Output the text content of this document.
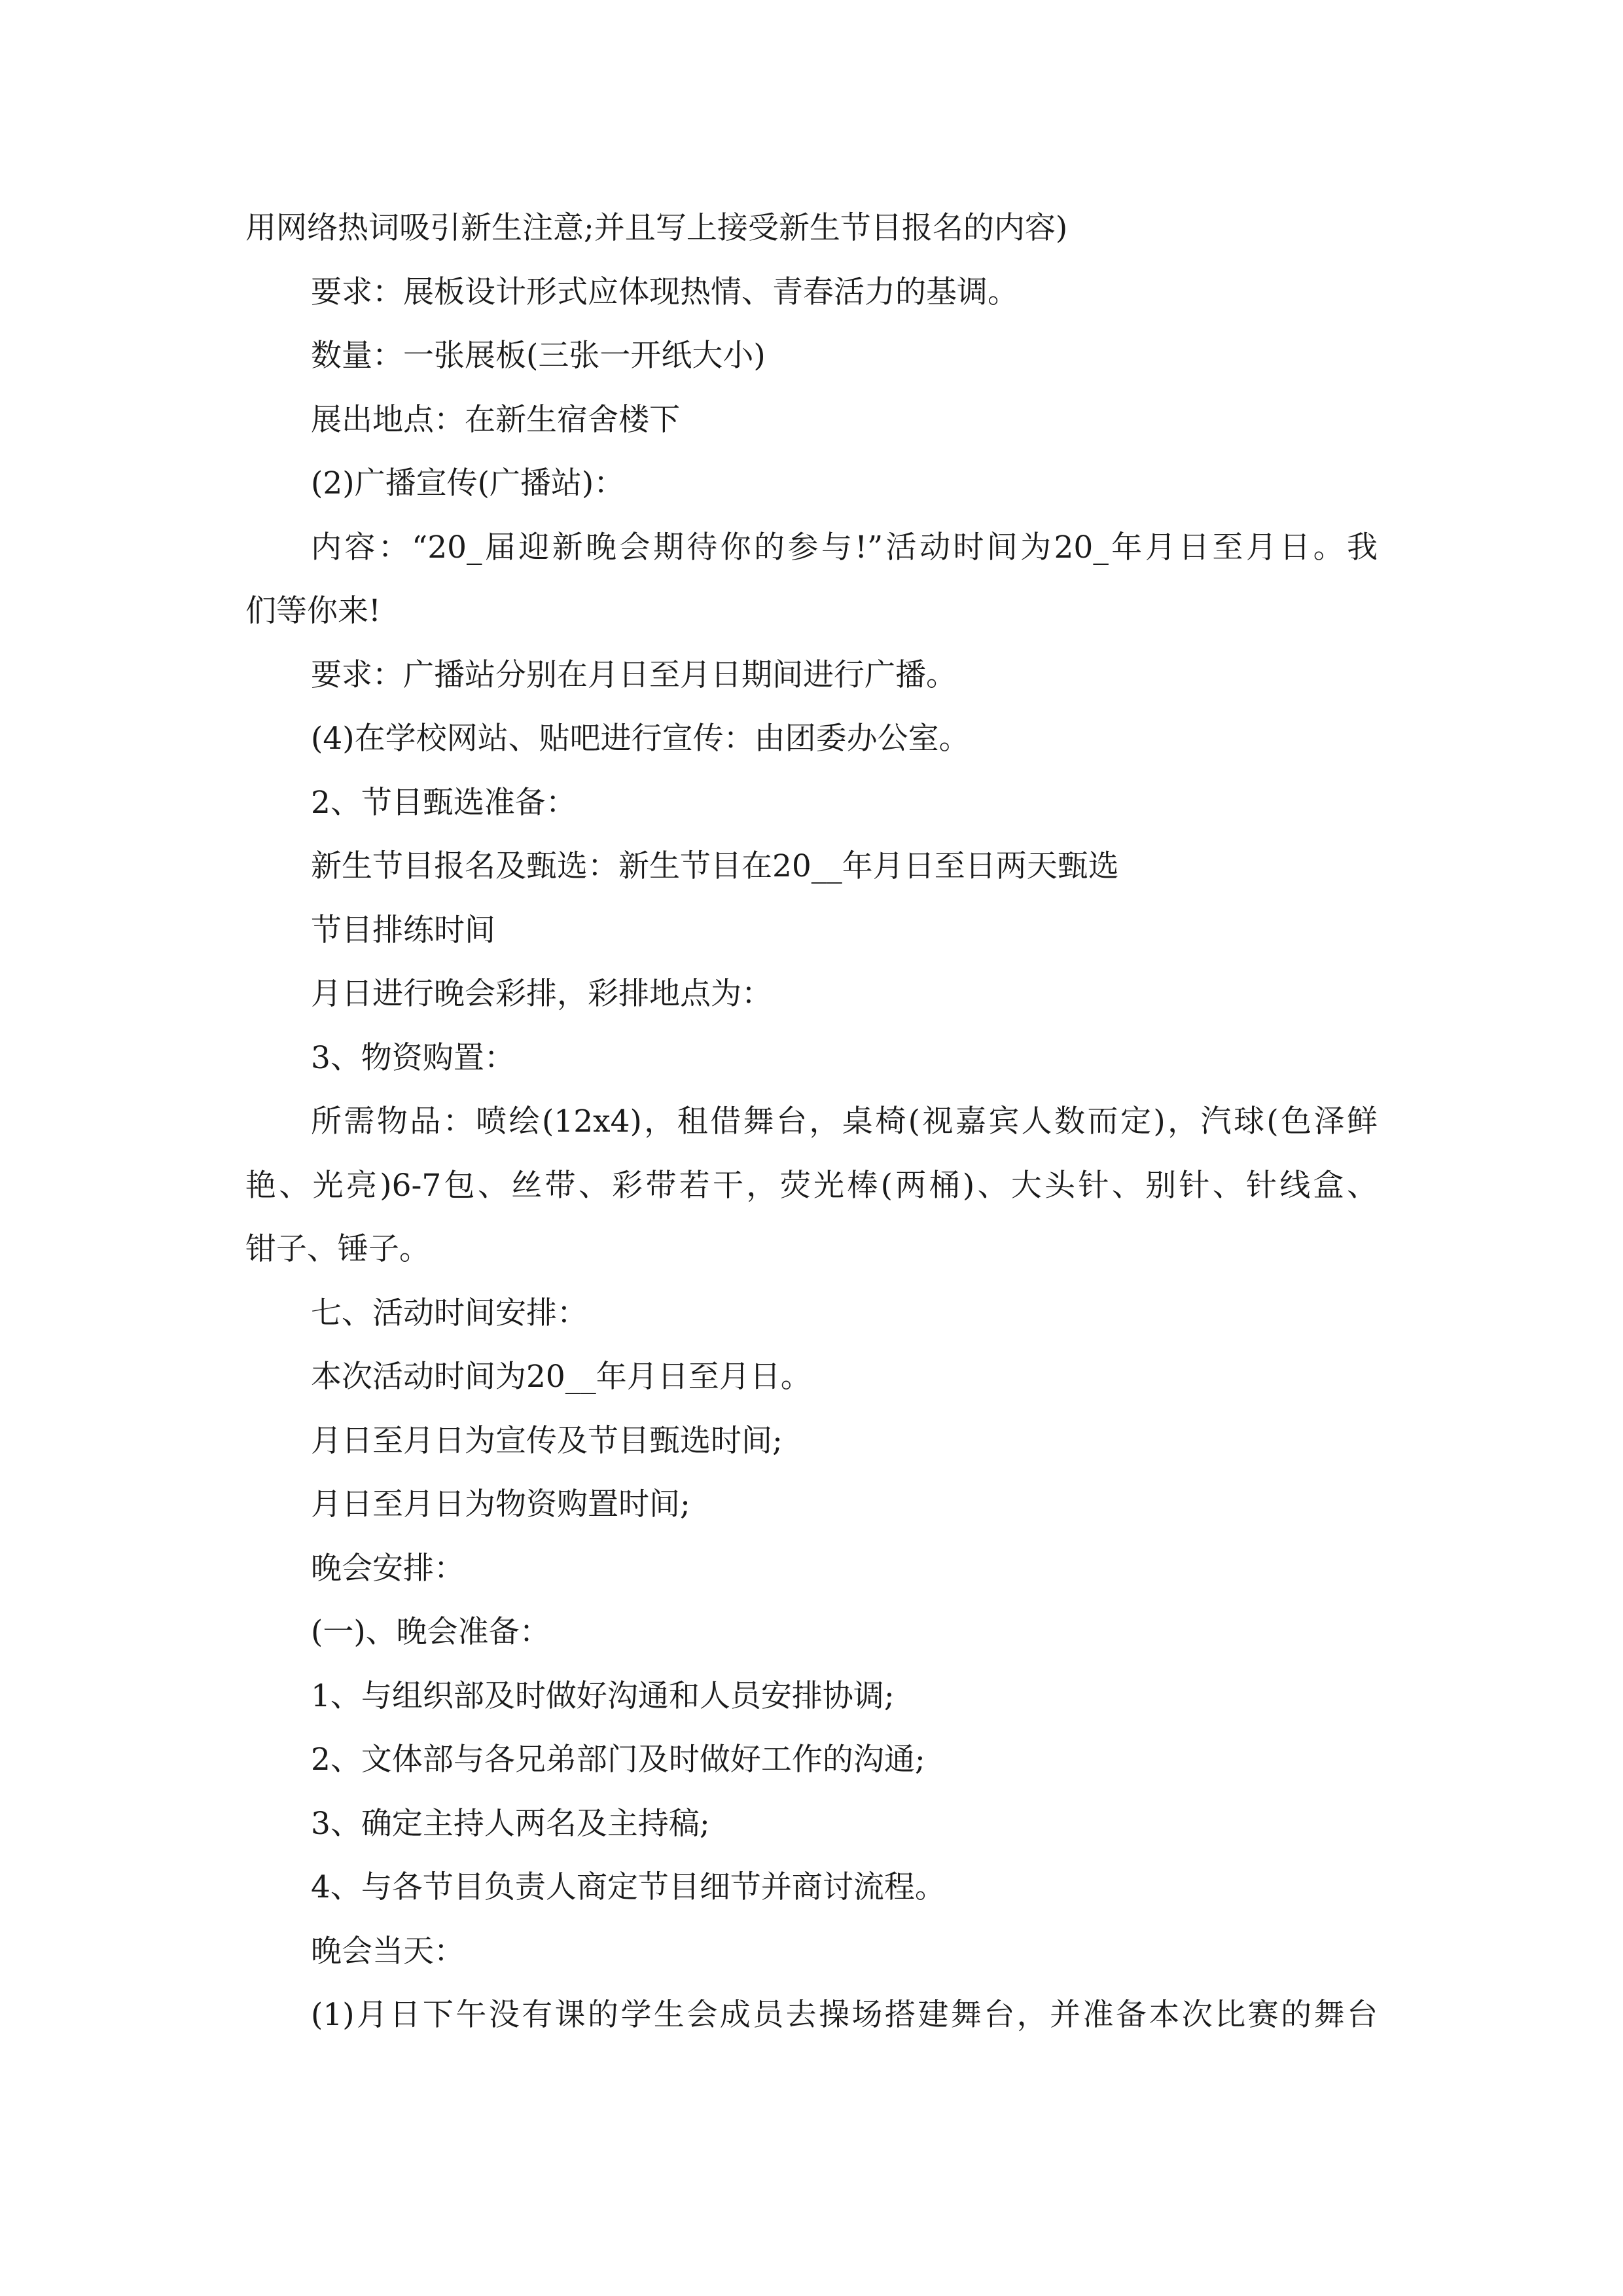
用网络热词吸引新生注意;并且写上接受新生节目报名的内容)
要求：展板设计形式应体现热情、青春活力的基调。
数量：一张展板(三张一开纸大小)
展出地点：在新生宿舍楼下
(2)广播宣传(广播站)：
内容：“20_届迎新晚会期待你的参与!”活动时间为20_年月日至月日。我
们等你来!
要求：广播站分别在月日至月日期间进行广播。
(4)在学校网站、贴吧进行宣传：由团委办公室。
2、节目甄选准备：
新生节目报名及甄选：新生节目在20__年月日至日两天甄选
节目排练时间
月日进行晚会彩排，彩排地点为：
3、物资购置：
所需物品：喷绘(12x4)，租借舞台，桌椅(视嘉宾人数而定)，汽球(色泽鲜
艳、光亮)6-7包、丝带、彩带若干，荧光棒(两桶)、大头针、别针、针线盒、
钳子、锤子。
七、活动时间安排：
本次活动时间为20__年月日至月日。
月日至月日为宣传及节目甄选时间;
月日至月日为物资购置时间;
晚会安排：
(一)、晚会准备：
1、与组织部及时做好沟通和人员安排协调;
2、文体部与各兄弟部门及时做好工作的沟通;
3、确定主持人两名及主持稿;
4、与各节目负责人商定节目细节并商讨流程。
晚会当天：
(1)月日下午没有课的学生会成员去操场搭建舞台，并准备本次比赛的舞台
